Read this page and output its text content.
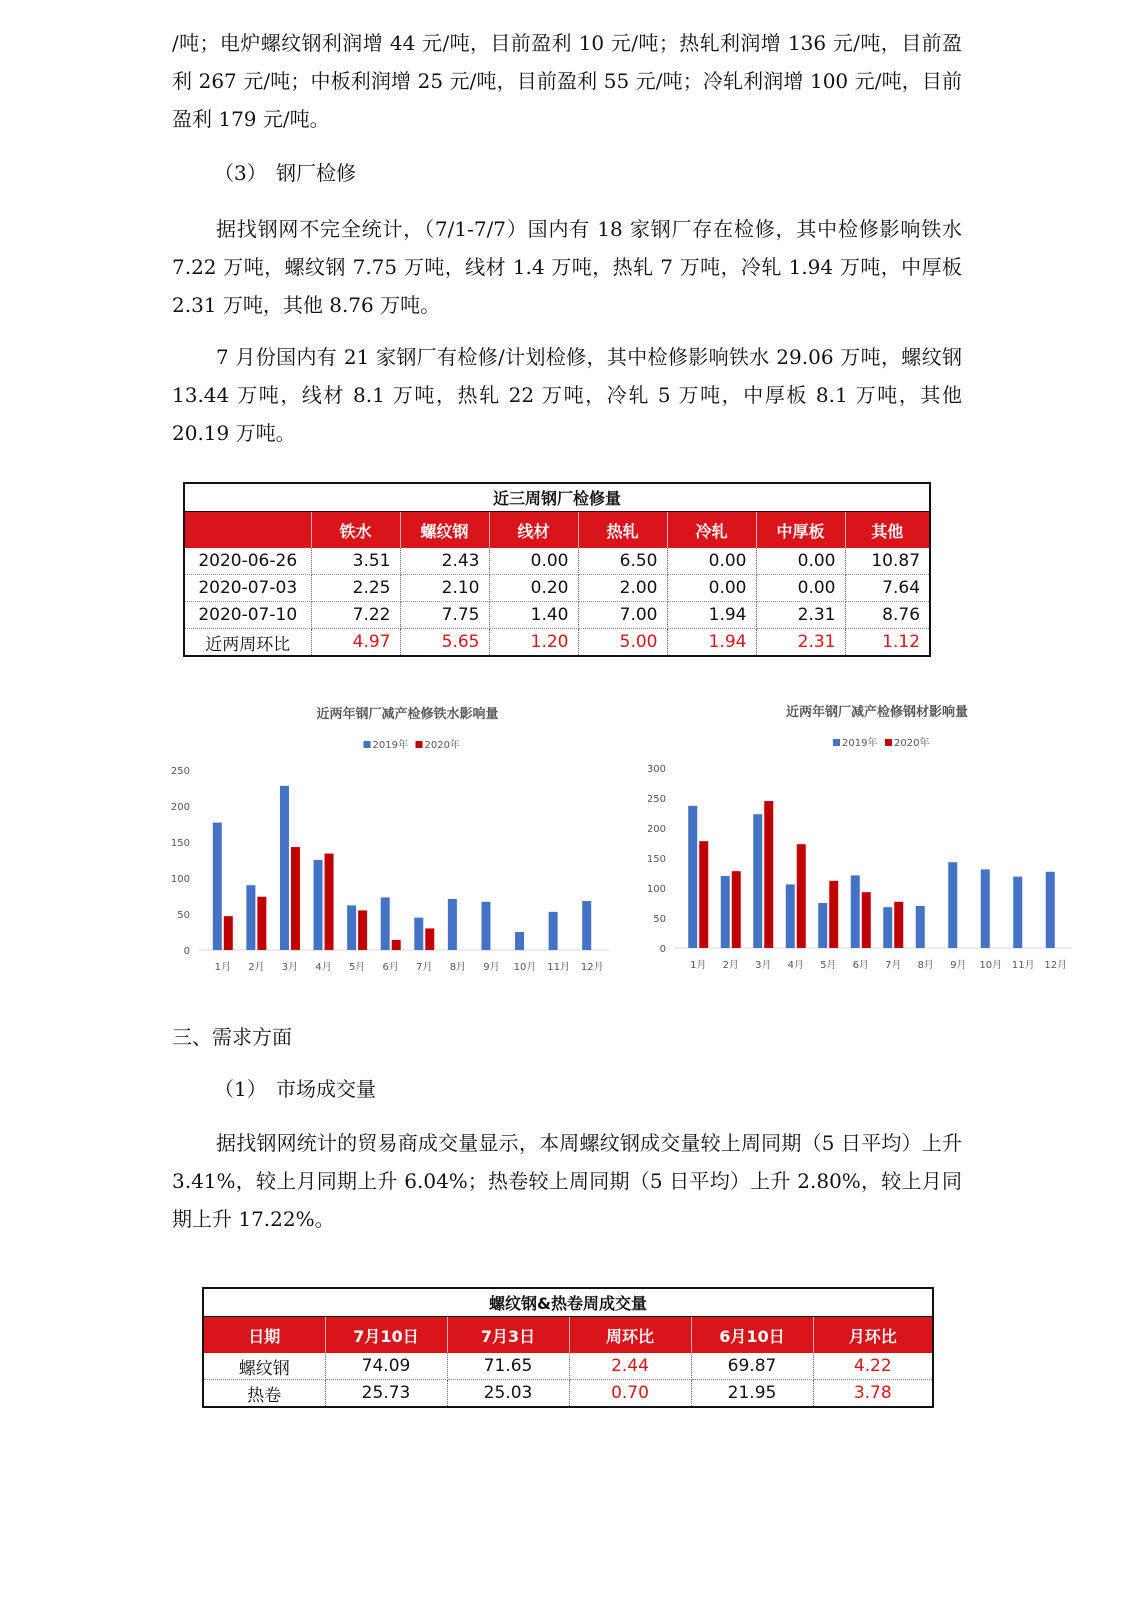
/吨；电炉螺纹钢利润增 44 元/吨，目前盈利 10 元/吨；热轧利润增 136 元/吨，目前盈利 267 元/吨；中板利润增 25 元/吨，目前盈利 55 元/吨；冷轧利润增 100 元/吨，目前盈利 179 元/吨。

（3） 钢厂检修

据找钢网不完全统计，（7/1-7/7）国内有 18 家钢厂存在检修，其中检修影响铁水 7.22 万吨，螺纹钢 7.75 万吨，线材 1.4 万吨，热轧 7 万吨，冷轧 1.94 万吨，中厚板 2.31 万吨，其他 8.76 万吨。

7 月份国内有 21 家钢厂有检修/计划检修，其中检修影响铁水 29.06 万吨，螺纹钢 13.44 万吨，线材 8.1 万吨，热轧 22 万吨，冷轧 5 万吨，中厚板 8.1 万吨，其他 20.19 万吨。

近三周钢厂检修量							
	铁水	螺纹钢	线材	热轧	冷轧	中厚板	其他
2020-06-26	3.51	2.43	0.00	6.50	0.00	0.00	10.87
2020-07-03	2.25	2.10	0.20	2.00	0.00	0.00	7.64
2020-07-10	7.22	7.75	1.40	7.00	1.94	2.31	8.76
近两周环比	4.97	5.65	1.20	5.00	1.94	2.31	1.12
近两年钢厂减产检修铁水影响量
2019年 2020年
0
50
100
150
200
250
1月 2月 3月 4月 5月 6月 7月 8月 9月 10月 11月 12月
近两年钢厂减产检修钢材影响量
2019年 2020年
0
50
100
150
200
250
300
1月 2月 3月 4月 5月 6月 7月 8月 9月 10月 11月 12月

三、需求方面

（1） 市场成交量

据找钢网统计的贸易商成交量显示，本周螺纹钢成交量较上周同期（5 日平均）上升 3.41%，较上月同期上升 6.04%；热卷较上周同期（5 日平均）上升 2.80%，较上月同期上升 17.22%。

螺纹钢&热卷周成交量					
日期	7月10日	7月3日	周环比	6月10日	月环比
螺纹钢	74.09	71.65	2.44	69.87	4.22
热卷	25.73	25.03	0.70	21.95	3.78
